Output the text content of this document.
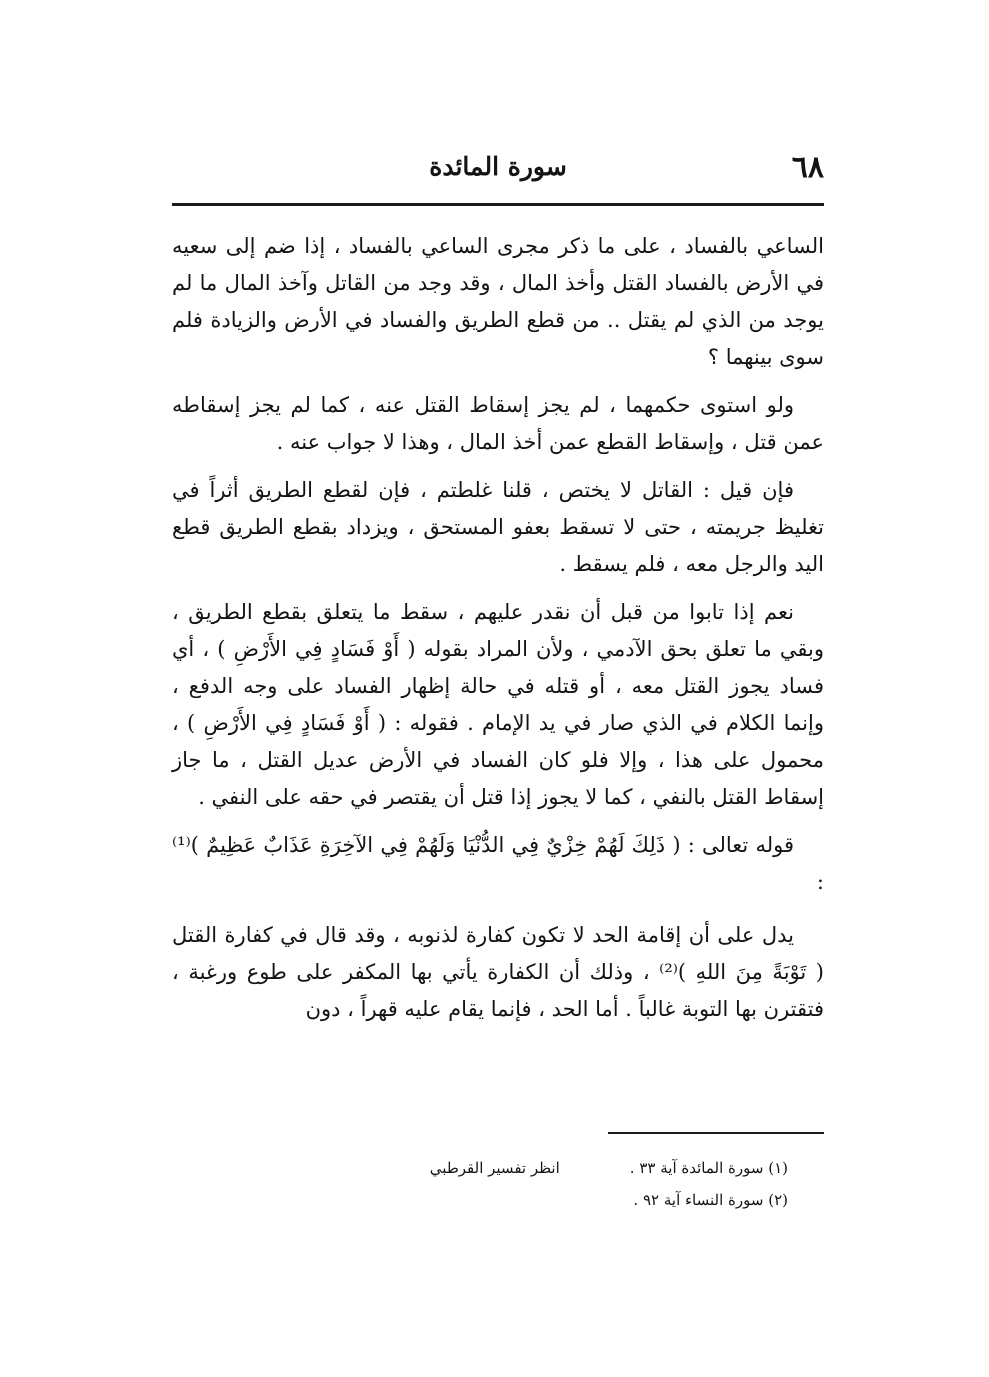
٦٨
سورة المائدة

الساعي بالفساد ، على ما ذكر مجرى الساعي بالفساد ، إذا ضم إلى سعيه في الأرض بالفساد القتل وأخذ المال ، وقد وجد من القاتل وآخذ المال ما لم يوجد من الذي لم يقتل .. من قطع الطريق والفساد في الأرض والزيادة فلم سوى بينهما ؟

ولو استوى حكمهما ، لم يجز إسقاط القتل عنه ، كما لم يجز إسقاطه عمن قتل ، وإسقاط القطع عمن أخذ المال ، وهذا لا جواب عنه .

فإن قيل : القاتل لا يختص ، قلنا غلطتم ، فإن لقطع الطريق أثراً في تغليظ جريمته ، حتى لا تسقط بعفو المستحق ، ويزداد بقطع الطريق قطع اليد والرجل معه ، فلم يسقط .

نعم إذا تابوا من قبل أن نقدر عليهم ، سقط ما يتعلق بقطع الطريق ، وبقي ما تعلق بحق الآدمي ، ولأن المراد بقوله ( أَوْ فَسَادٍ فِي الأَرْضِ ) ، أي فساد يجوز القتل معه ، أو قتله في حالة إظهار الفساد على وجه الدفع ، وإنما الكلام في الذي صار في يد الإمام . فقوله : ( أَوْ فَسَادٍ فِي الأَرْضِ ) ، محمول على هذا ، وإلا فلو كان الفساد في الأرض عديل القتل ، ما جاز إسقاط القتل بالنفي ، كما لا يجوز إذا قتل أن يقتصر في حقه على النفي .

قوله تعالى : ( ذَلِكَ لَهُمْ خِزْيٌ فِي الدُّنْيَا وَلَهُمْ فِي الآخِرَةِ عَذَابٌ عَظِيمٌ )⁽¹⁾ :

يدل على أن إقامة الحد لا تكون كفارة لذنوبه ، وقد قال في كفارة القتل ( تَوْبَةً مِنَ اللهِ )⁽²⁾ ، وذلك أن الكفارة يأتي بها المكفر على طوع ورغبة ، فتقترن بها التوبة غالباً . أما الحد ، فإنما يقام عليه قهراً ، دون

(١) سورة المائدة آية ٣٣ .
انظر تفسير القرطبي
(٢) سورة النساء آية ٩٢ .
